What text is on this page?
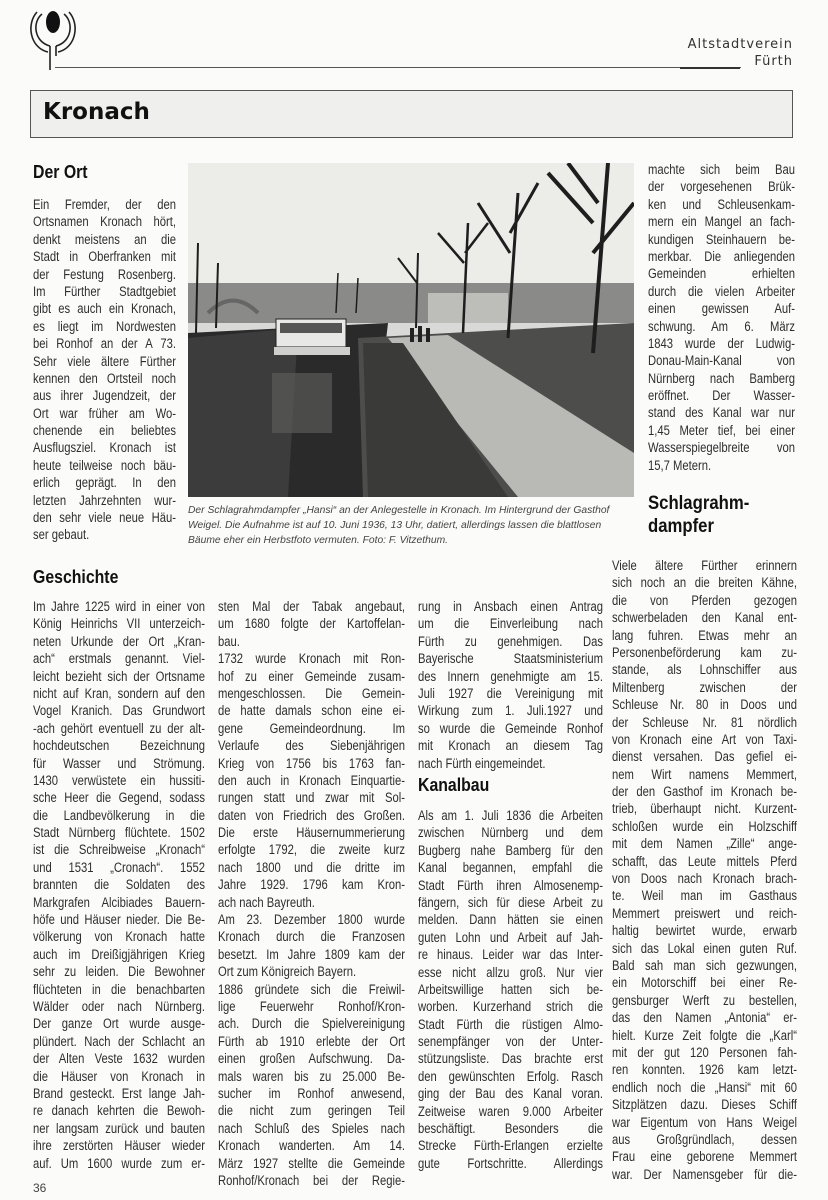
Altstadtverein
Fürth
Kronach
Der Ort
Ein Fremder, der den
Ortsnamen Kronach hört,
denkt meistens an die
Stadt in Oberfranken mit
der Festung Rosenberg.
Im Fürther Stadtgebiet
gibt es auch ein Kronach,
es liegt im Nordwesten
bei Ronhof an der A 73.
Sehr viele ältere Fürther
kennen den Ortsteil noch
aus ihrer Jugendzeit, der
Ort war früher am Wo-
chenende ein beliebtes
Ausflugsziel. Kronach ist
heute teilweise noch bäu-
erlich geprägt. In den
letzten Jahrzehnten wur-
den sehr viele neue Häu-
ser gebaut.
Der Schlagrahmdampfer „Hansi“ an der Anlegestelle in Kronach. Im Hintergrund der Gasthof
Weigel. Die Aufnahme ist auf 10. Juni 1936, 13 Uhr, datiert, allerdings lassen die blattlosen
Bäume eher ein Herbstfoto vermuten. Foto: F. Vitzethum.
machte sich beim Bau
der vorgesehenen Brük-
ken und Schleusenkam-
mern ein Mangel an fach-
kundigen Steinhauern be-
merkbar. Die anliegenden
Gemeinden erhielten
durch die vielen Arbeiter
einen gewissen Auf-
schwung. Am 6. März
1843 wurde der Ludwig-
Donau-Main-Kanal von
Nürnberg nach Bamberg
eröffnet. Der Wasser-
stand des Kanal war nur
1,45 Meter tief, bei einer
Wasserspiegelbreite von
15,7 Metern.
Schlagrahm-
dampfer
Viele ältere Fürther erinnern
sich noch an die breiten Kähne,
die von Pferden gezogen
schwerbeladen den Kanal ent-
lang fuhren. Etwas mehr an
Personenbeförderung kam zu-
stande, als Lohnschiffer aus
Miltenberg zwischen der
Schleuse Nr. 80 in Doos und
der Schleuse Nr. 81 nördlich
von Kronach eine Art von Taxi-
dienst versahen. Das gefiel ei-
nem Wirt namens Memmert,
der den Gasthof im Kronach be-
trieb, überhaupt nicht. Kurzent-
schloßen wurde ein Holzschiff
mit dem Namen „Zille“ ange-
schafft, das Leute mittels Pferd
von Doos nach Kronach brach-
te. Weil man im Gasthaus
Memmert preiswert und reich-
haltig bewirtet wurde, erwarb
sich das Lokal einen guten Ruf.
Bald sah man sich gezwungen,
ein Motorschiff bei einer Re-
gensburger Werft zu bestellen,
das den Namen „Antonia“ er-
hielt. Kurze Zeit folgte die „Karl“
mit der gut 120 Personen fah-
ren konnten. 1926 kam letzt-
endlich noch die „Hansi“ mit 60
Sitzplätzen dazu. Dieses Schiff
war Eigentum von Hans Weigel
aus Großgründlach, dessen
Frau eine geborene Memmert
war. Der Namensgeber für die-
Geschichte
Im Jahre 1225 wird in einer von
König Heinrichs VII unterzeich-
neten Urkunde der Ort „Kran-
ach“ erstmals genannt. Viel-
leicht bezieht sich der Ortsname
nicht auf Kran, sondern auf den
Vogel Kranich. Das Grundwort
-ach gehört eventuell zu der alt-
hochdeutschen Bezeichnung
für Wasser und Strömung.
1430 verwüstete ein hussiti-
sche Heer die Gegend, sodass
die Landbevölkerung in die
Stadt Nürnberg flüchtete. 1502
ist die Schreibweise „Kronach“
und 1531 „Cronach“. 1552
brannten die Soldaten des
Markgrafen Alcibiades Bauern-
höfe und Häuser nieder. Die Be-
völkerung von Kronach hatte
auch im Dreißigjährigen Krieg
sehr zu leiden. Die Bewohner
flüchteten in die benachbarten
Wälder oder nach Nürnberg.
Der ganze Ort wurde ausge-
plündert. Nach der Schlacht an
der Alten Veste 1632 wurden
die Häuser von Kronach in
Brand gesteckt. Erst lange Jah-
re danach kehrten die Bewoh-
ner langsam zurück und bauten
ihre zerstörten Häuser wieder
auf. Um 1600 wurde zum er-
sten Mal der Tabak angebaut,
um 1680 folgte der Kartoffelan-
bau.
1732 wurde Kronach mit Ron-
hof zu einer Gemeinde zusam-
mengeschlossen. Die Gemein-
de hatte damals schon eine ei-
gene Gemeindeordnung. Im
Verlaufe des Siebenjährigen
Krieg von 1756 bis 1763 fan-
den auch in Kronach Einquartie-
rungen statt und zwar mit Sol-
daten von Friedrich des Großen.
Die erste Häusernummerierung
erfolgte 1792, die zweite kurz
nach 1800 und die dritte im
Jahre 1929. 1796 kam Kron-
ach nach Bayreuth.
Am 23. Dezember 1800 wurde
Kronach durch die Franzosen
besetzt. Im Jahre 1809 kam der
Ort zum Königreich Bayern.
1886 gründete sich die Freiwil-
lige Feuerwehr Ronhof/Kron-
ach. Durch die Spielvereinigung
Fürth ab 1910 erlebte der Ort
einen großen Aufschwung. Da-
mals waren bis zu 25.000 Be-
sucher im Ronhof anwesend,
die nicht zum geringen Teil
nach Schluß des Spieles nach
Kronach wanderten. Am 14.
März 1927 stellte die Gemeinde
Ronhof/Kronach bei der Regie-
rung in Ansbach einen Antrag
um die Einverleibung nach
Fürth zu genehmigen. Das
Bayerische Staatsministerium
des Innern genehmigte am 15.
Juli 1927 die Vereinigung mit
Wirkung zum 1. Juli.1927 und
so wurde die Gemeinde Ronhof
mit Kronach an diesem Tag
nach Fürth eingemeindet.
Kanalbau
Als am 1. Juli 1836 die Arbeiten
zwischen Nürnberg und dem
Bugberg nahe Bamberg für den
Kanal begannen, empfahl die
Stadt Fürth ihren Almosenemp-
fängern, sich für diese Arbeit zu
melden. Dann hätten sie einen
guten Lohn und Arbeit auf Jah-
re hinaus. Leider war das Inter-
esse nicht allzu groß. Nur vier
Arbeitswillige hatten sich be-
worben. Kurzerhand strich die
Stadt Fürth die rüstigen Almo-
senempfänger von der Unter-
stützungsliste. Das brachte erst
den gewünschten Erfolg. Rasch
ging der Bau des Kanal voran.
Zeitweise waren 9.000 Arbeiter
beschäftigt. Besonders die
Strecke Fürth-Erlangen erzielte
gute Fortschritte. Allerdings
36
